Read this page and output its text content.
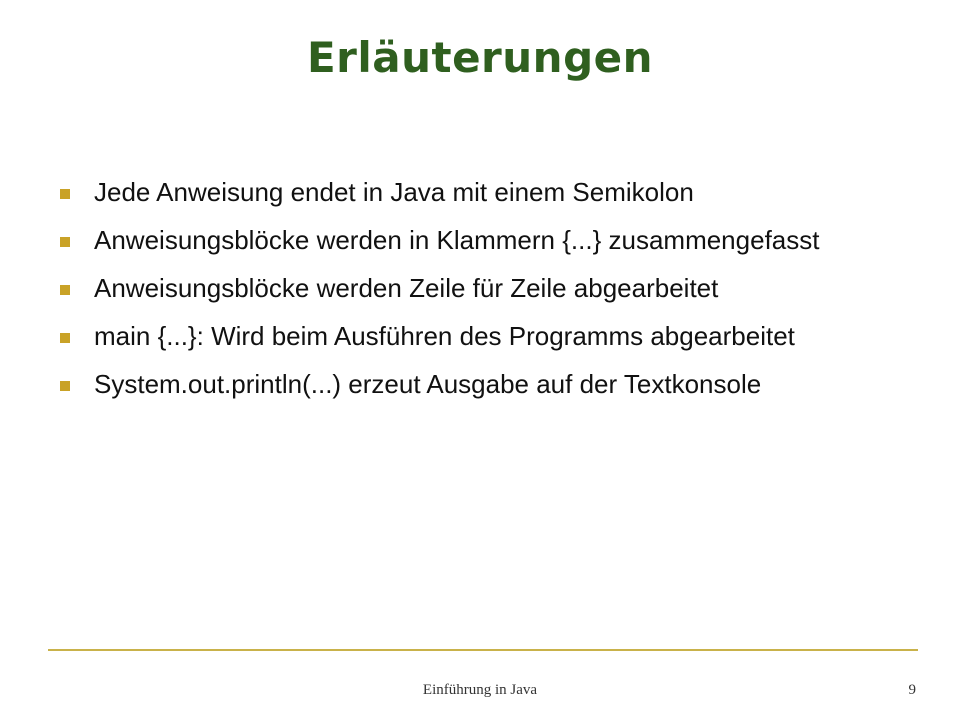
Erläuterungen
Jede Anweisung endet in Java mit einem Semikolon
Anweisungsblöcke werden in Klammern {...} zusammengefasst
Anweisungsblöcke werden Zeile für Zeile abgearbeitet
main {...}: Wird beim Ausführen des Programms abgearbeitet
System.out.println(...) erzeut Ausgabe auf der Textkonsole
Einführung in Java	9
